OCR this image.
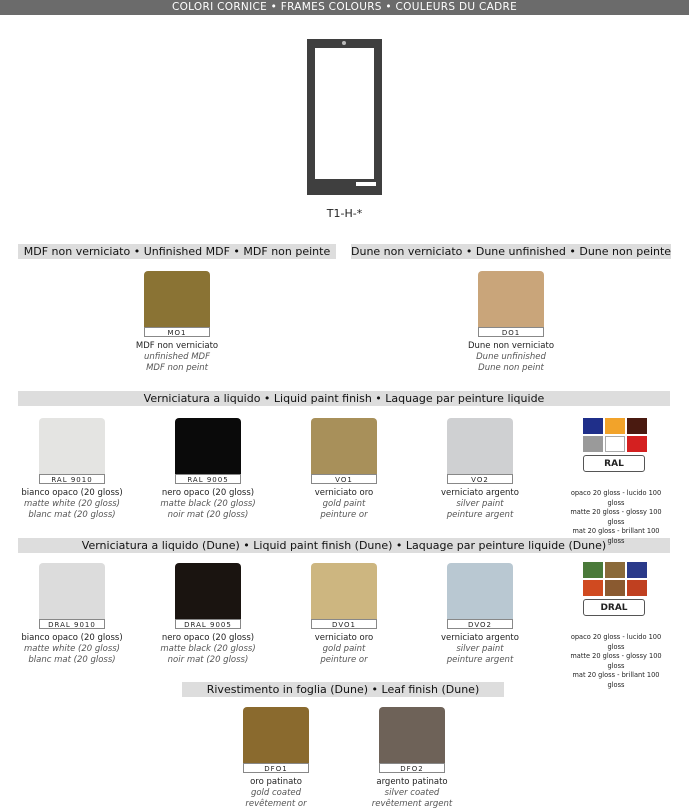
COLORI CORNICE • FRAMES COLOURS • COULEURS DU CADRE
T1-H-*
MDF non verniciato • Unfinished MDF • MDF non peinte	Dune non verniciato • Dune unfinished • Dune non peinte
Verniciatura a liquido • Liquid paint finish • Laquage par peinture liquide
Verniciatura a liquido (Dune) • Liquid paint finish (Dune) • Laquage par peinture liquide (Dune)
Rivestimento in foglia (Dune) • Leaf finish (Dune)
MO1
MDF non verniciato
unfinished MDF
MDF non peint
DO1
Dune non verniciato
Dune unfinished
Dune non peint
RAL 9010
bianco opaco (20 gloss)
matte white (20 gloss)
blanc mat (20 gloss)
RAL 9005
nero opaco (20 gloss)
matte black (20 gloss)
noir mat (20 gloss)
VO1
verniciato oro
gold paint
peinture or
VO2
verniciato argento
silver paint
peinture argent
DRAL 9010
bianco opaco (20 gloss)
matte white (20 gloss)
blanc mat (20 gloss)
DRAL 9005
nero opaco (20 gloss)
matte black (20 gloss)
noir mat (20 gloss)
DVO1
verniciato oro
gold paint
peinture or
DVO2
verniciato argento
silver paint
peinture argent
DFO1
oro patinato
gold coated
revêtement or
DFO2
argento patinato
silver coated
revêtement argent
RAL
opaco 20 gloss - lucido 100 gloss
matte 20 gloss - glossy 100 gloss
mat 20 gloss - brillant 100 gloss
DRAL
opaco 20 gloss - lucido 100 gloss
matte 20 gloss - glossy 100 gloss
mat 20 gloss - brillant 100 gloss
